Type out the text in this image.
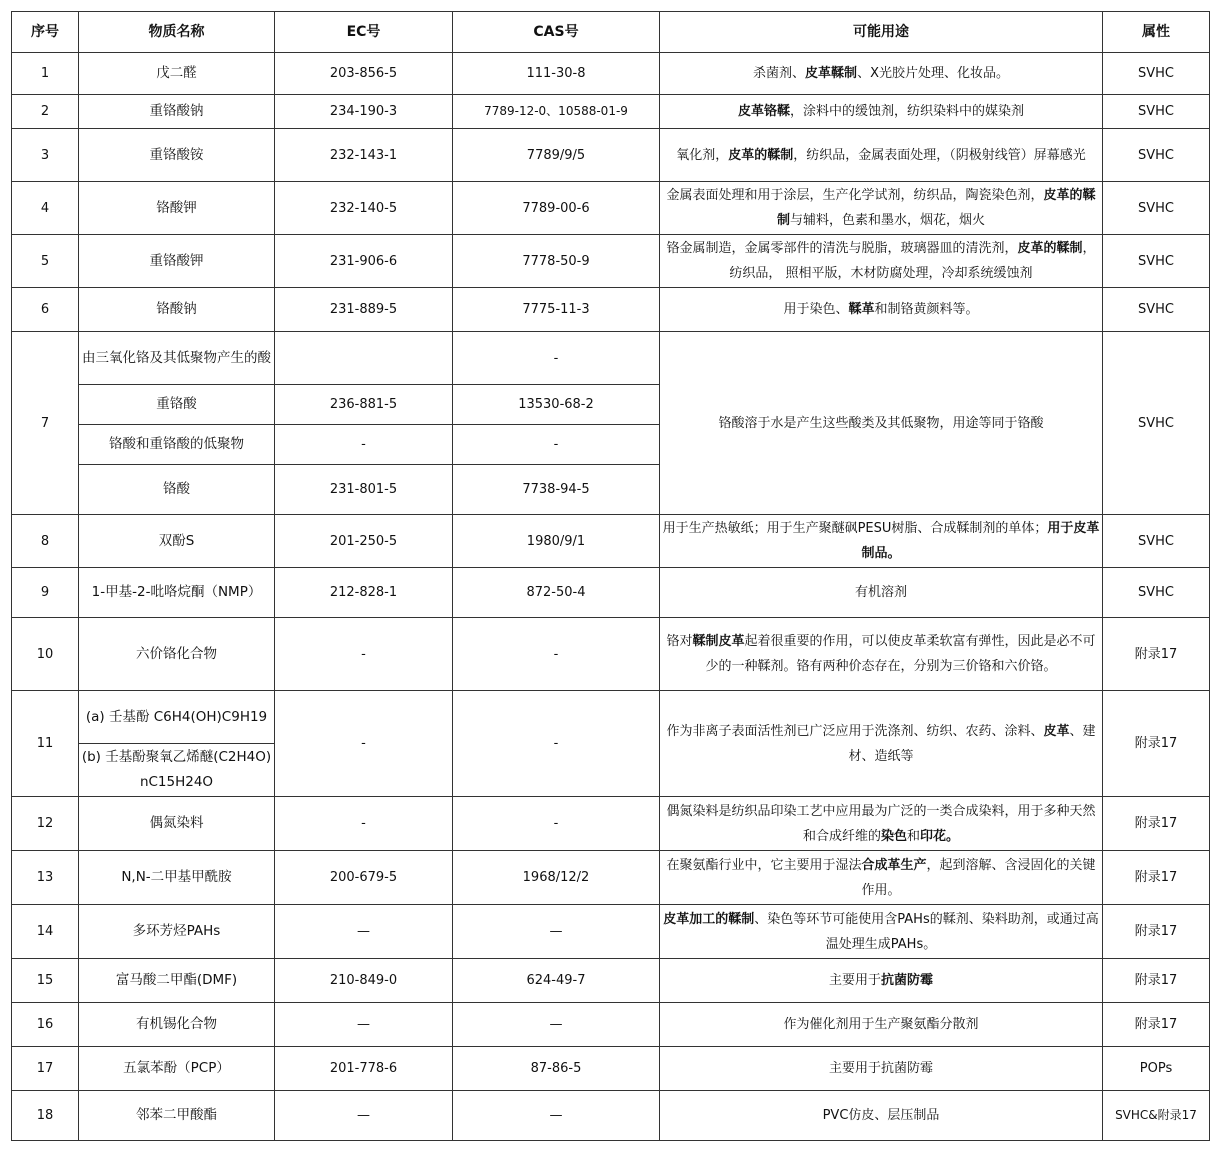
序号	物质名称	EC号	CAS号	可能用途	属性
1	戊二醛	203-856-5	111-30-8	杀菌剂、皮革鞣制、X光胶片处理、化妆品。	SVHC
2	重铬酸钠	234-190-3	7789-12-0、10588-01-9	皮革铬鞣，涂料中的缓蚀剂，纺织染料中的媒染剂	SVHC
3	重铬酸铵	232-143-1	7789/9/5	氧化剂，皮革的鞣制，纺织品，金属表面处理，（阴极射线管）屏幕感光	SVHC
4	铬酸钾	232-140-5	7789-00-6	金属表面处理和用于涂层，生产化学试剂，纺织品，陶瓷染色剂，皮革的鞣制与辅料，色素和墨水，烟花，烟火	SVHC
5	重铬酸钾	231-906-6	7778-50-9	铬金属制造，金属零部件的清洗与脱脂，玻璃器皿的清洗剂，皮革的鞣制，纺织品， 照相平版，木材防腐处理，冷却系统缓蚀剂	SVHC
6	铬酸钠	231-889-5	7775-11-3	用于染色、鞣革和制铬黄颜料等。	SVHC
7	由三氧化铬及其低聚物产生的酸		-	铬酸溶于水是产生这些酸类及其低聚物，用途等同于铬酸	SVHC
	重铬酸	236-881-5	13530-68-2		
	铬酸和重铬酸的低聚物	-	-		
	铬酸	231-801-5	7738-94-5		
8	双酚S	201-250-5	1980/9/1	用于生产热敏纸；用于生产聚醚砜PESU树脂、合成鞣制剂的单体；用于皮革制品。	SVHC
9	1-甲基-2-吡咯烷酮（NMP）	212-828-1	872-50-4	有机溶剂	SVHC
10	六价铬化合物	-	-	铬对鞣制皮革起着很重要的作用，可以使皮革柔软富有弹性，因此是必不可少的一种鞣剂。铬有两种价态存在，分别为三价铬和六价铬。	附录17
11	(a) 壬基酚 C6H4(OH)C9H19	-	-	作为非离子表面活性剂已广泛应用于洗涤剂、纺织、农药、涂料、皮革、建材、造纸等	附录17
	(b) 壬基酚聚氧乙烯醚(C2H4O)nC15H24O				
12	偶氮染料	-	-	偶氮染料是纺织品印染工艺中应用最为广泛的一类合成染料，用于多种天然和合成纤维的染色和印花。	附录17
13	N,N-二甲基甲酰胺	200-679-5	1968/12/2	在聚氨酯行业中，它主要用于湿法合成革生产，起到溶解、含浸固化的关键作用。	附录17
14	多环芳烃PAHs	—	—	皮革加工的鞣制、染色等环节可能使用含PAHs的鞣剂、染料助剂，或通过高温处理生成PAHs。	附录17
15	富马酸二甲酯(DMF)	210-849-0	624-49-7	主要用于抗菌防霉	附录17
16	有机锡化合物	—	—	作为催化剂用于生产聚氨酯分散剂	附录17
17	五氯苯酚（PCP）	201-778-6	87-86-5	主要用于抗菌防霉	POPs
18	邻苯二甲酸酯	—	—	PVC仿皮、层压制品	SVHC&附录17
